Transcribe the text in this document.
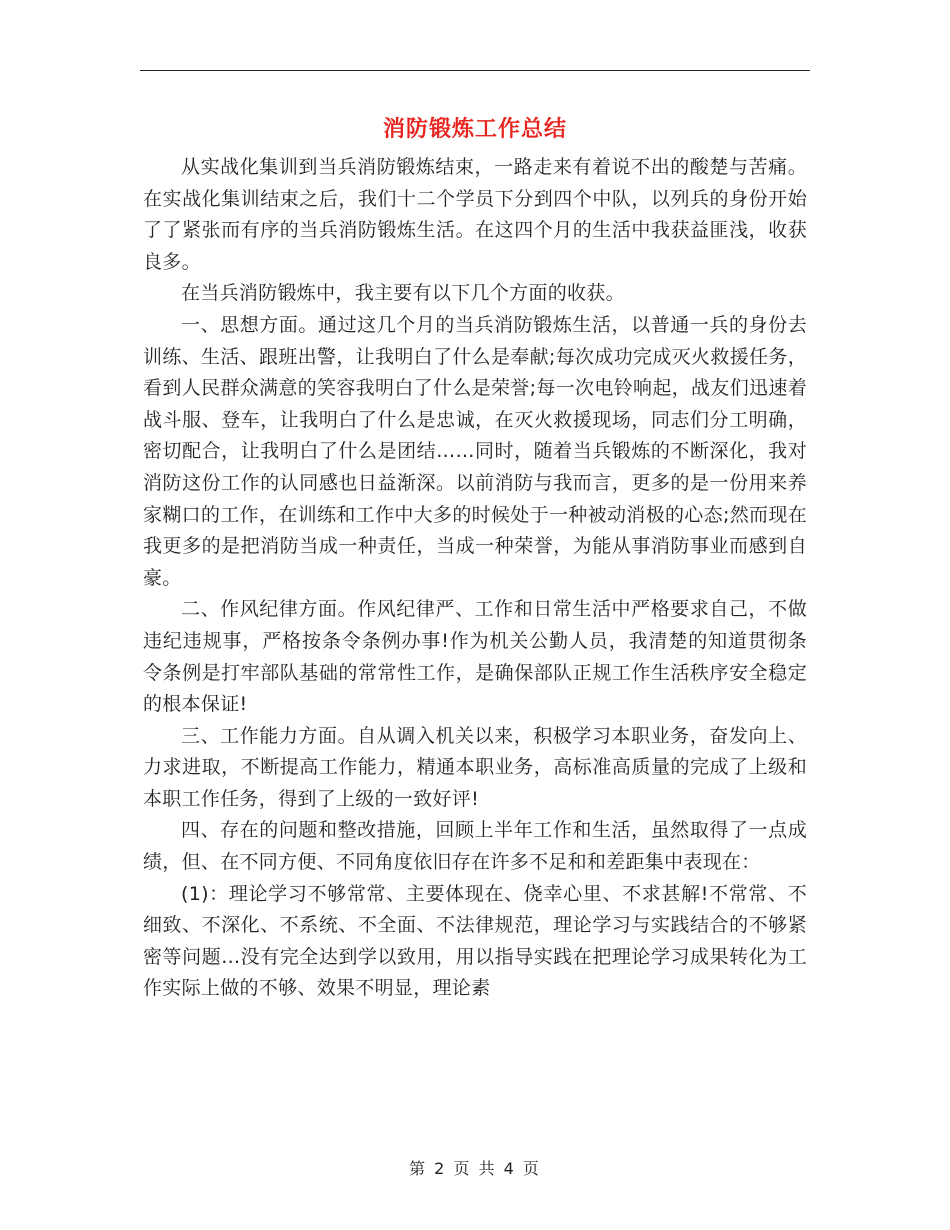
消防锻炼工作总结

从实战化集训到当兵消防锻炼结束，一路走来有着说不出的酸楚与苦痛。在实战化集训结束之后，我们十二个学员下分到四个中队，以列兵的身份开始了了紧张而有序的当兵消防锻炼生活。在这四个月的生活中我获益匪浅，收获良多。

在当兵消防锻炼中，我主要有以下几个方面的收获。

一、思想方面。通过这几个月的当兵消防锻炼生活，以普通一兵的身份去训练、生活、跟班出警，让我明白了什么是奉献;每次成功完成灭火救援任务，看到人民群众满意的笑容我明白了什么是荣誉;每一次电铃响起，战友们迅速着战斗服、登车，让我明白了什么是忠诚，在灭火救援现场，同志们分工明确，密切配合，让我明白了什么是团结……同时，随着当兵锻炼的不断深化，我对消防这份工作的认同感也日益渐深。以前消防与我而言，更多的是一份用来养家糊口的工作，在训练和工作中大多的时候处于一种被动消极的心态;然而现在我更多的是把消防当成一种责任，当成一种荣誉，为能从事消防事业而感到自豪。

二、作风纪律方面。作风纪律严、工作和日常生活中严格要求自己，不做违纪违规事，严格按条令条例办事!作为机关公勤人员，我清楚的知道贯彻条令条例是打牢部队基础的常常性工作，是确保部队正规工作生活秩序安全稳定的根本保证!

三、工作能力方面。自从调入机关以来，积极学习本职业务，奋发向上、力求进取，不断提高工作能力，精通本职业务，高标准高质量的完成了上级和本职工作任务，得到了上级的一致好评!

四、存在的问题和整改措施，回顾上半年工作和生活，虽然取得了一点成绩，但、在不同方便、不同角度依旧存在许多不足和和差距集中表现在：

(1)：理论学习不够常常、主要体现在、侥幸心里、不求甚解!不常常、不细致、不深化、不系统、不全面、不法律规范，理论学习与实践结合的不够紧密等问题…没有完全达到学以致用，用以指导实践在把理论学习成果转化为工作实际上做的不够、效果不明显，理论素

第 2 页 共 4 页
